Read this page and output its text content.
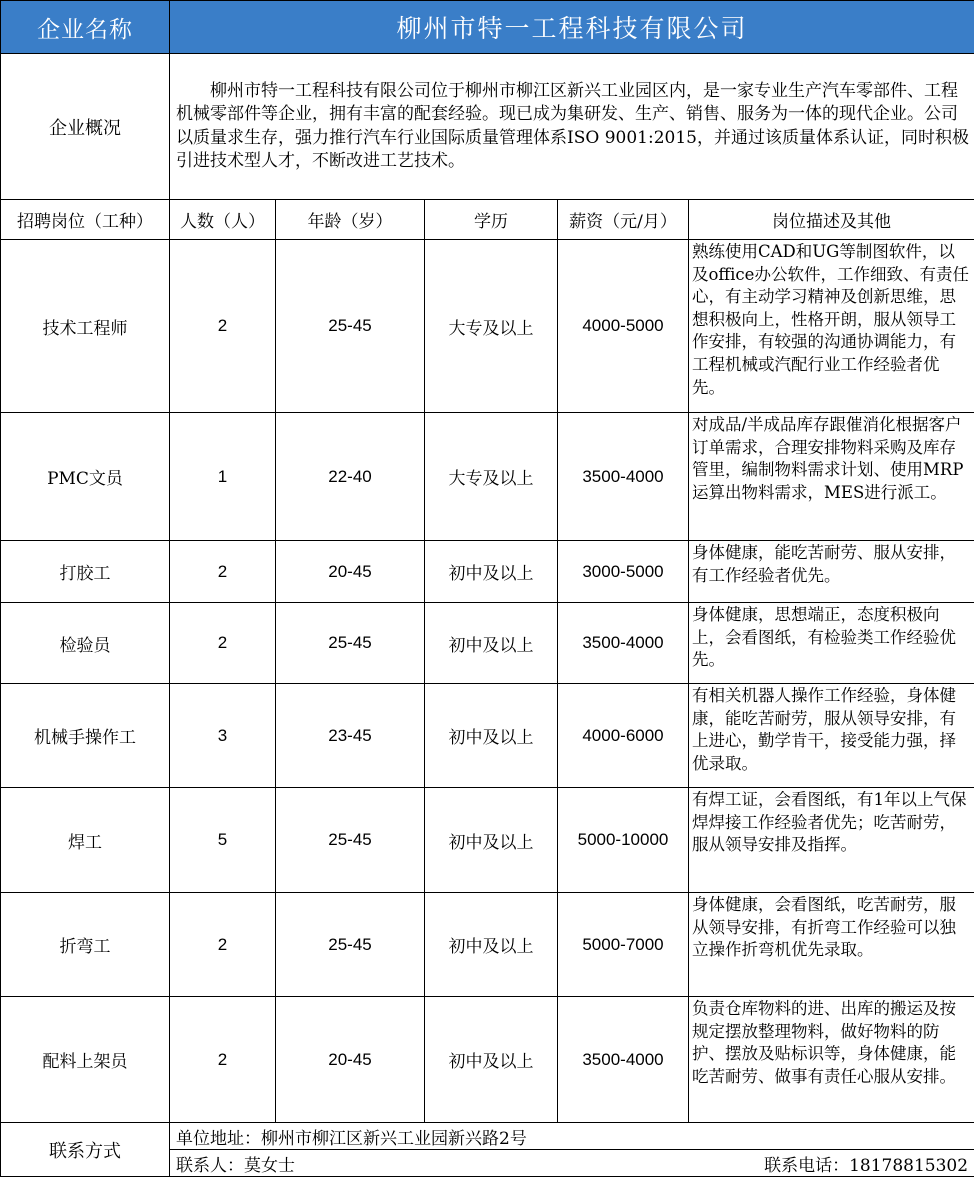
企业名称	柳州市特一工程科技有限公司				
企业概况	柳州市特一工程科技有限公司位于柳州市柳江区新兴工业园区内，是一家专业生产汽车零部件、工程机械零部件等企业，拥有丰富的配套经验。现已成为集研发、生产、销售、服务为一体的现代企业。公司以质量求生存，强力推行汽车行业国际质量管理体系ISO 9001:2015，并通过该质量体系认证，同时积极引进技术型人才，不断改进工艺技术。				
招聘岗位（工种）	人数（人）	年龄（岁）	学历	薪资（元/月）	岗位描述及其他
技术工程师	2	25-45	大专及以上	4000-5000	熟练使用CAD和UG等制图软件，以及office办公软件，工作细致、有责任心，有主动学习精神及创新思维，思想积极向上，性格开朗，服从领导工作安排，有较强的沟通协调能力，有工程机械或汽配行业工作经验者优先。
PMC文员	1	22-40	大专及以上	3500-4000	对成品/半成品库存跟催消化根据客户订单需求，合理安排物料采购及库存管里，编制物料需求计划、使用MRP运算出物料需求，MES进行派工。
打胶工	2	20-45	初中及以上	3000-5000	身体健康，能吃苦耐劳、服从安排，有工作经验者优先。
检验员	2	25-45	初中及以上	3500-4000	身体健康，思想端正，态度积极向上，会看图纸，有检验类工作经验优先。
机械手操作工	3	23-45	初中及以上	4000-6000	有相关机器人操作工作经验，身体健康，能吃苦耐劳，服从领导安排，有上进心，勤学肯干，接受能力强，择优录取。
焊工	5	25-45	初中及以上	5000-10000	有焊工证，会看图纸，有1年以上气保焊焊接工作经验者优先；吃苦耐劳，服从领导安排及指挥。
折弯工	2	25-45	初中及以上	5000-7000	身体健康，会看图纸，吃苦耐劳，服从领导安排，有折弯工作经验可以独立操作折弯机优先录取。
配料上架员	2	20-45	初中及以上	3500-4000	负责仓库物料的进、出库的搬运及按规定摆放整理物料，做好物料的防护、摆放及贴标识等，身体健康，能吃苦耐劳、做事有责任心服从安排。
联系方式	单位地址：柳州市柳江区新兴工业园新兴路2号				
	联系人：莫女士 联系电话：18178815302				
